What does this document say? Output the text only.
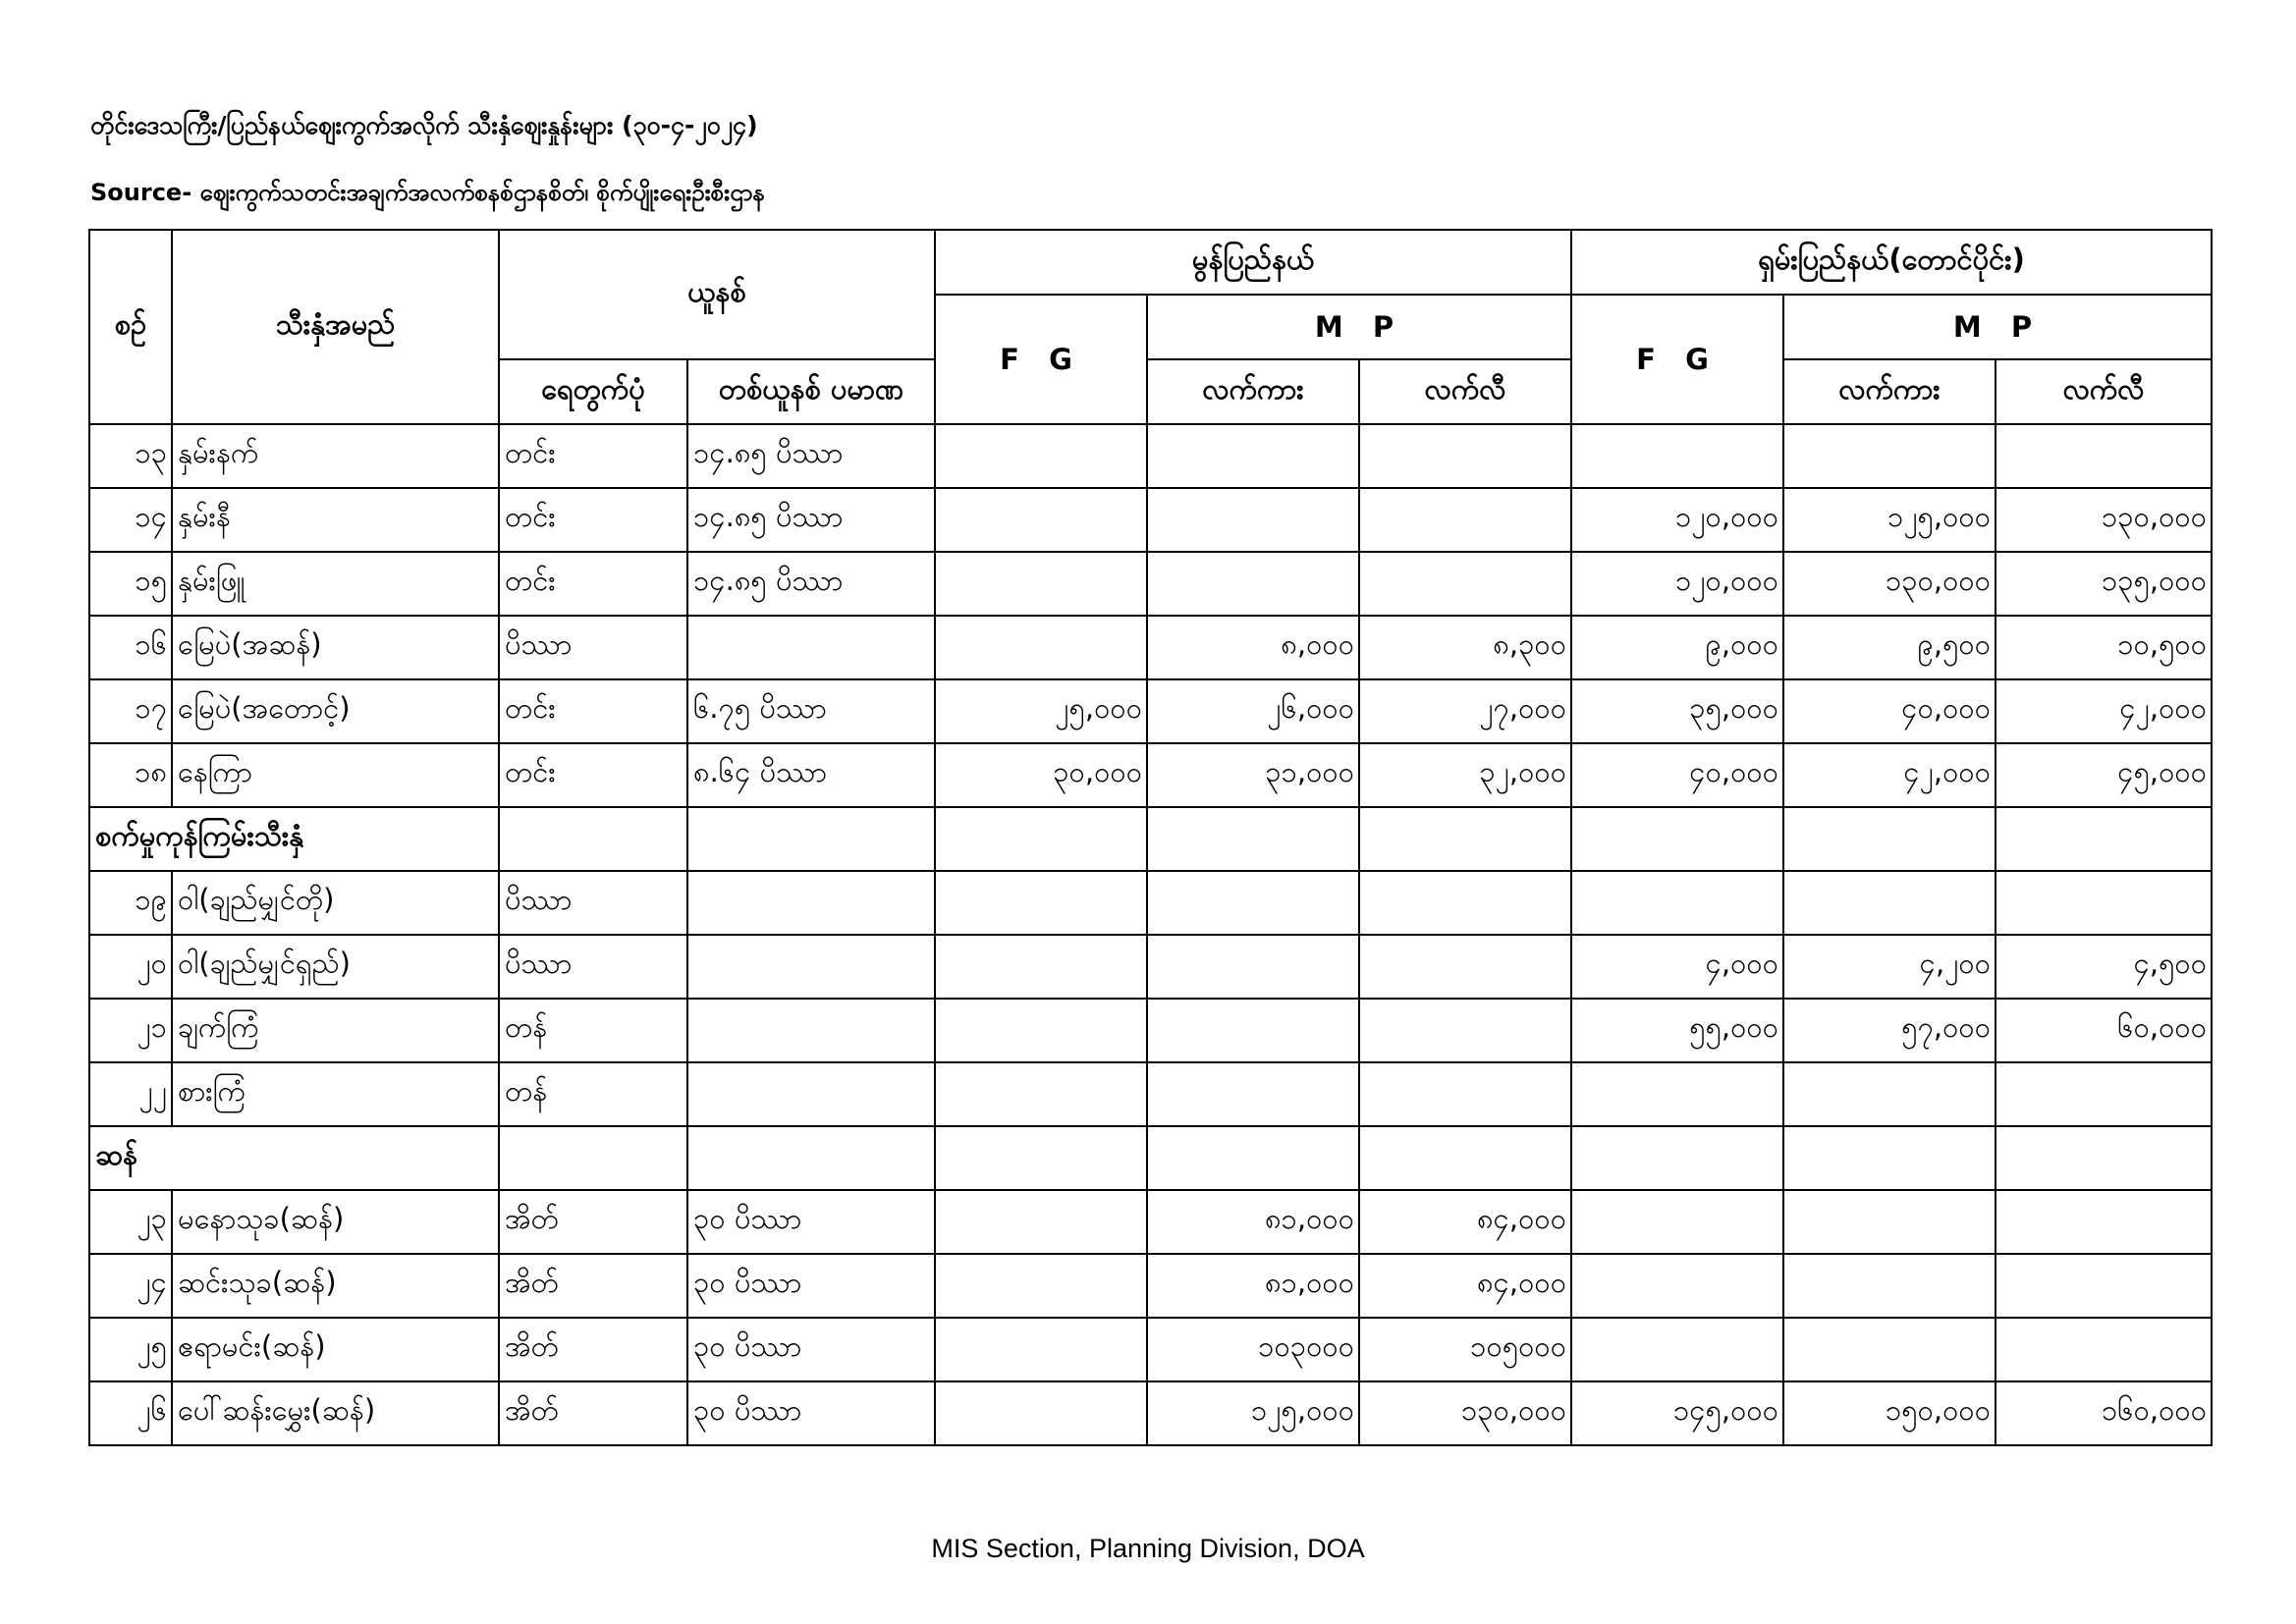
တိုင်းဒေသကြီး/ပြည်နယ်ဈေးကွက်အလိုက် သီးနှံဈေးနှုန်းများ (၃၀-၄-၂၀၂၄)
Source- ဈေးကွက်သတင်းအချက်အလက်စနစ်ဌာနစိတ်၊ စိုက်ပျိုးရေးဦးစီးဌာန
စဉ်	သီးနှံအမည်	ယူနစ်		မွန်ပြည်နယ်			ရှမ်းပြည်နယ်(တောင်ပိုင်း)		
				F G	M P		F G	M P	
		ရေတွက်ပုံ	တစ်ယူနစ် ပမာဏ		လက်ကား	လက်လီ		လက်ကား	လက်လီ
၁၃	နှမ်းနက်	တင်း	၁၄.၈၅ ပိဿာ						
၁၄	နှမ်းနီ	တင်း	၁၄.၈၅ ပိဿာ				၁၂၀,၀၀၀	၁၂၅,၀၀၀	၁၃၀,၀၀၀
၁၅	နှမ်းဖြူ	တင်း	၁၄.၈၅ ပိဿာ				၁၂၀,၀၀၀	၁၃၀,၀၀၀	၁၃၅,၀၀၀
၁၆	မြေပဲ(အဆန်)	ပိဿာ			၈,၀၀၀	၈,၃၀၀	၉,၀၀၀	၉,၅၀၀	၁၀,၅၀၀
၁၇	မြေပဲ(အတောင့်)	တင်း	၆.၇၅ ပိဿာ	၂၅,၀၀၀	၂၆,၀၀၀	၂၇,၀၀၀	၃၅,၀၀၀	၄၀,၀၀၀	၄၂,၀၀၀
၁၈	နေကြာ	တင်း	၈.၆၄ ပိဿာ	၃၀,၀၀၀	၃၁,၀၀၀	၃၂,၀၀၀	၄၀,၀၀၀	၄၂,၀၀၀	၄၅,၀၀၀
စက်မှုကုန်ကြမ်းသီးနှံ									
၁၉	ဝါ(ချည်မျှင်တို)	ပိဿာ							
၂၀	ဝါ(ချည်မျှင်ရှည်)	ပိဿာ					၄,၀၀၀	၄,၂၀၀	၄,၅၀၀
၂၁	ချက်ကြံ	တန်					၅၅,၀၀၀	၅၇,၀၀၀	၆၀,၀၀၀
၂၂	စားကြံ	တန်							
ဆန်									
၂၃	မနောသုခ(ဆန်)	အိတ်	၃၀ ပိဿာ		၈၁,၀၀၀	၈၄,၀၀၀			
၂၄	ဆင်းသုခ(ဆန်)	အိတ်	၃၀ ပိဿာ		၈၁,၀၀၀	၈၄,၀၀၀			
၂၅	ဧရာမင်း(ဆန်)	အိတ်	၃၀ ပိဿာ		၁၀၃၀၀၀	၁၀၅၀၀၀			
၂၆	ပေါ်ဆန်းမွှေး(ဆန်)	အိတ်	၃၀ ပိဿာ		၁၂၅,၀၀၀	၁၃၀,၀၀၀	၁၄၅,၀၀၀	၁၅၀,၀၀၀	၁၆၀,၀၀၀
MIS Section, Planning Division, DOA
